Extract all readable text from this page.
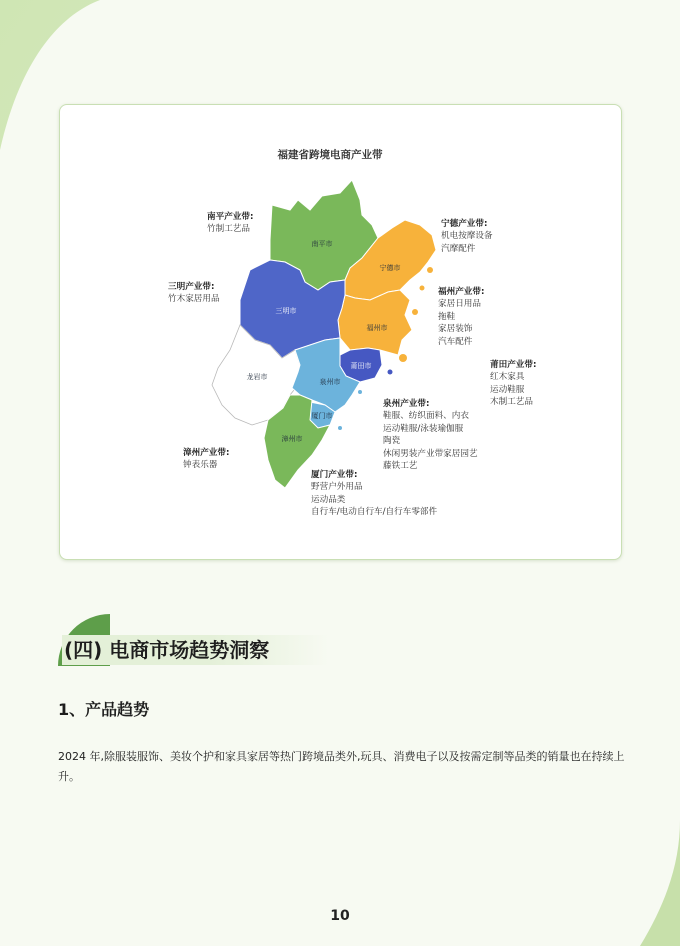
福建省跨境电商产业带
南平市
宁德市
三明市
福州市
莆田市
泉州市
龙岩市
厦门市
漳州市
南平产业带:
竹制工艺品
三明产业带:
竹木家居用品
宁德产业带:
机电按摩设备
汽摩配件
福州产业带:
家居日用品
拖鞋
家居装饰
汽车配件
莆田产业带:
红木家具
运动鞋服
木制工艺品
泉州产业带:
鞋服、纺织面料、内衣
运动鞋服/泳装瑜伽服
陶瓷
休闲男装产业带家居园艺
藤铁工艺
漳州产业带:
钟表乐器
厦门产业带:
野营户外用品
运动品类
自行车/电动自行车/自行车零部件
(四) 电商市场趋势洞察
1、产品趋势
2024 年,除服装服饰、美妆个护和家具家居等热门跨境品类外,玩具、消费电子以及按需定制等品类的销量也在持续上升。
10
